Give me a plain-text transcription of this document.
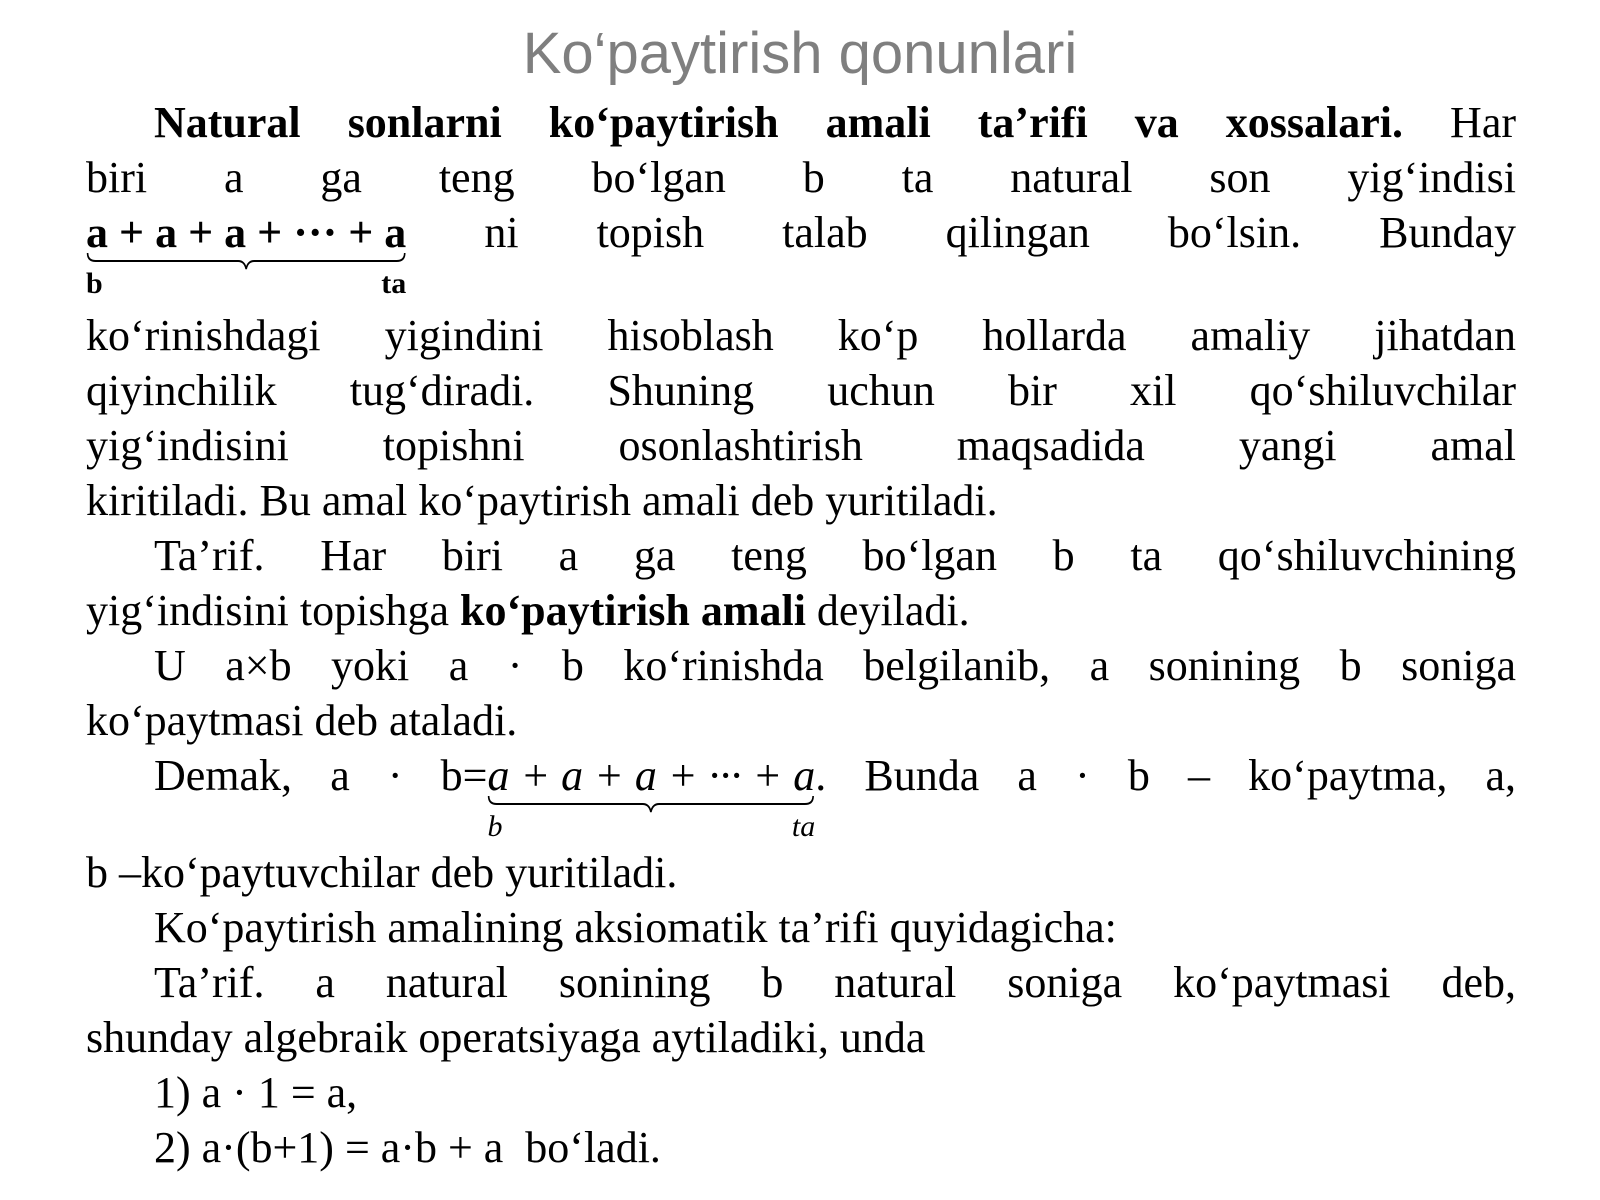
Ko‘paytirish qonunlari
Natural sonlarni ko‘paytirish amali ta’rifi va xossalari. Har
biri a ga teng bo‘lgan b ta natural son yig‘indisi
a + a + a + ··· + a
b ta
ni topish talab qilingan bo‘lsin. Bunday
ko‘rinishdagi yigindini hisoblash ko‘p hollarda amaliy jihatdan
qiyinchilik tug‘diradi. Shuning uchun bir xil qo‘shiluvchilar
yig‘indisini topishni osonlashtirish maqsadida yangi amal
kiritiladi. Bu amal ko‘paytirish amali deb yuritiladi.
Ta’rif. Har biri a ga teng bo‘lgan b ta qo‘shiluvchining
yig‘indisini topishga ko‘paytirish amali deyiladi.
U a×b yoki a · b ko‘rinishda belgilanib, a sonining b soniga
ko‘paytmasi deb ataladi.
Demak, a · b=a + a + a + ··· + a
b ta
. Bunda a · b – ko‘paytma, a,
b –ko‘paytuvchilar deb yuritiladi.
Ko‘paytirish amalining aksiomatik ta’rifi quyidagicha:
Ta’rif. a natural sonining b natural soniga ko‘paytmasi deb,
shunday algebraik operatsiyaga aytiladiki, unda
1) a · 1 = a,
2) a·(b+1) = a·b + a  bo‘ladi.
